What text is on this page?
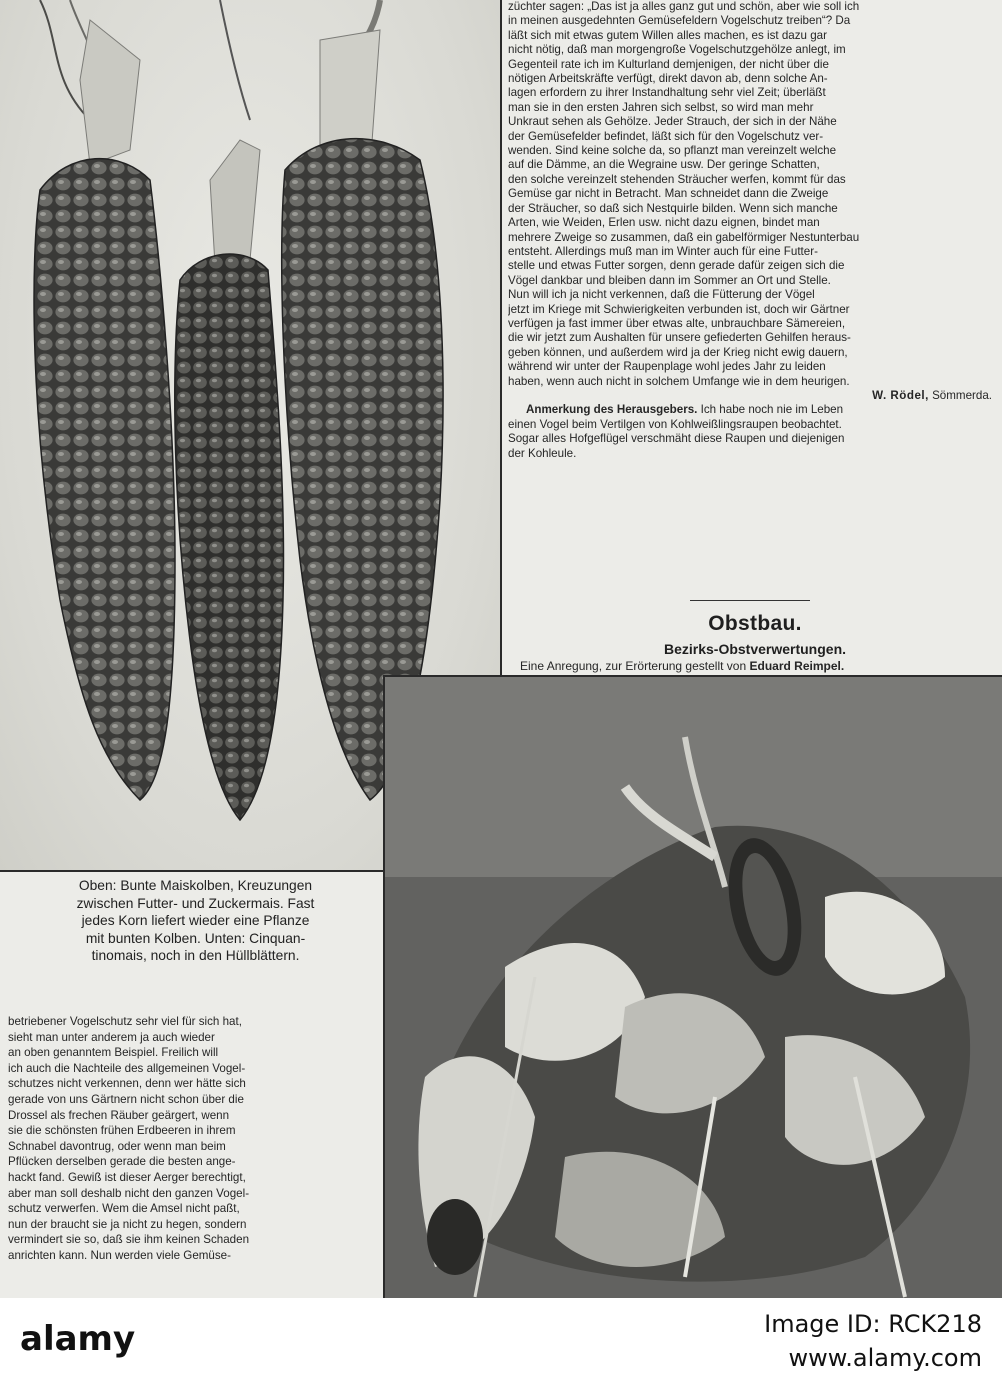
züchter sagen: „Das ist ja alles ganz gut und schön, aber wie soll ich

in meinen ausgedehnten Gemüsefeldern Vogelschutz treiben“? Da

läßt sich mit etwas gutem Willen alles machen, es ist dazu gar

nicht nötig, daß man morgengroße Vogelschutzgehölze anlegt, im

Gegenteil rate ich im Kulturland demjenigen, der nicht über die

nötigen Arbeitskräfte verfügt, direkt davon ab, denn solche An-

lagen erfordern zu ihrer Instandhaltung sehr viel Zeit; überläßt

man sie in den ersten Jahren sich selbst, so wird man mehr

Unkraut sehen als Gehölze. Jeder Strauch, der sich in der Nähe

der Gemüsefelder befindet, läßt sich für den Vogelschutz ver-

wenden. Sind keine solche da, so pflanzt man vereinzelt welche

auf die Dämme, an die Wegraine usw. Der geringe Schatten,

den solche vereinzelt stehenden Sträucher werfen, kommt für das

Gemüse gar nicht in Betracht. Man schneidet dann die Zweige

der Sträucher, so daß sich Nestquirle bilden. Wenn sich manche

Arten, wie Weiden, Erlen usw. nicht dazu eignen, bindet man

mehrere Zweige so zusammen, daß ein gabelförmiger Nestunterbau

entsteht. Allerdings muß man im Winter auch für eine Futter-

stelle und etwas Futter sorgen, denn gerade dafür zeigen sich die

Vögel dankbar und bleiben dann im Sommer an Ort und Stelle.

Nun will ich ja nicht verkennen, daß die Fütterung der Vögel

jetzt im Kriege mit Schwierigkeiten verbunden ist, doch wir Gärtner

verfügen ja fast immer über etwas alte, unbrauchbare Sämereien,

die wir jetzt zum Aushalten für unsere gefiederten Gehilfen heraus-

geben können, und außerdem wird ja der Krieg nicht ewig dauern,

während wir unter der Raupenplage wohl jedes Jahr zu leiden

haben, wenn auch nicht in solchem Umfange wie in dem heurigen.

W. Rödel, Sömmerda.

Anmerkung des Herausgebers. Ich habe noch nie im Leben

einen Vogel beim Vertilgen von Kohlweißlingsraupen beobachtet.

Sogar alles Hofgeflügel verschmäht diese Raupen und diejenigen

der Kohleule.

Obstbau.
Bezirks-Obstverwertungen.
Eine Anregung, zur Erörterung gestellt von Eduard Reimpel.
Oben: Bunte Maiskolben, Kreuzungen
zwischen Futter- und Zuckermais. Fast
jedes Korn liefert wieder eine Pflanze
mit bunten Kolben. Unten: Cinquan-
tinomais, noch in den Hüllblättern.
betriebener Vogelschutz sehr viel für sich hat,
sieht man unter anderem ja auch wieder
an oben genanntem Beispiel. Freilich will
ich auch die Nachteile des allgemeinen Vogel-
schutzes nicht verkennen, denn wer hätte sich
gerade von uns Gärtnern nicht schon über die
Drossel als frechen Räuber geärgert, wenn
sie die schönsten frühen Erdbeeren in ihrem
Schnabel davontrug, oder wenn man beim
Pflücken derselben gerade die besten ange-
hackt fand. Gewiß ist dieser Aerger berechtigt,
aber man soll deshalb nicht den ganzen Vogel-
schutz verwerfen. Wem die Amsel nicht paßt,
nun der braucht sie ja nicht zu hegen, sondern
vermindert sie so, daß sie ihm keinen Schaden
anrichten kann. Nun werden viele Gemüse-
alamy	Image ID: RCK218
www.alamy.com
